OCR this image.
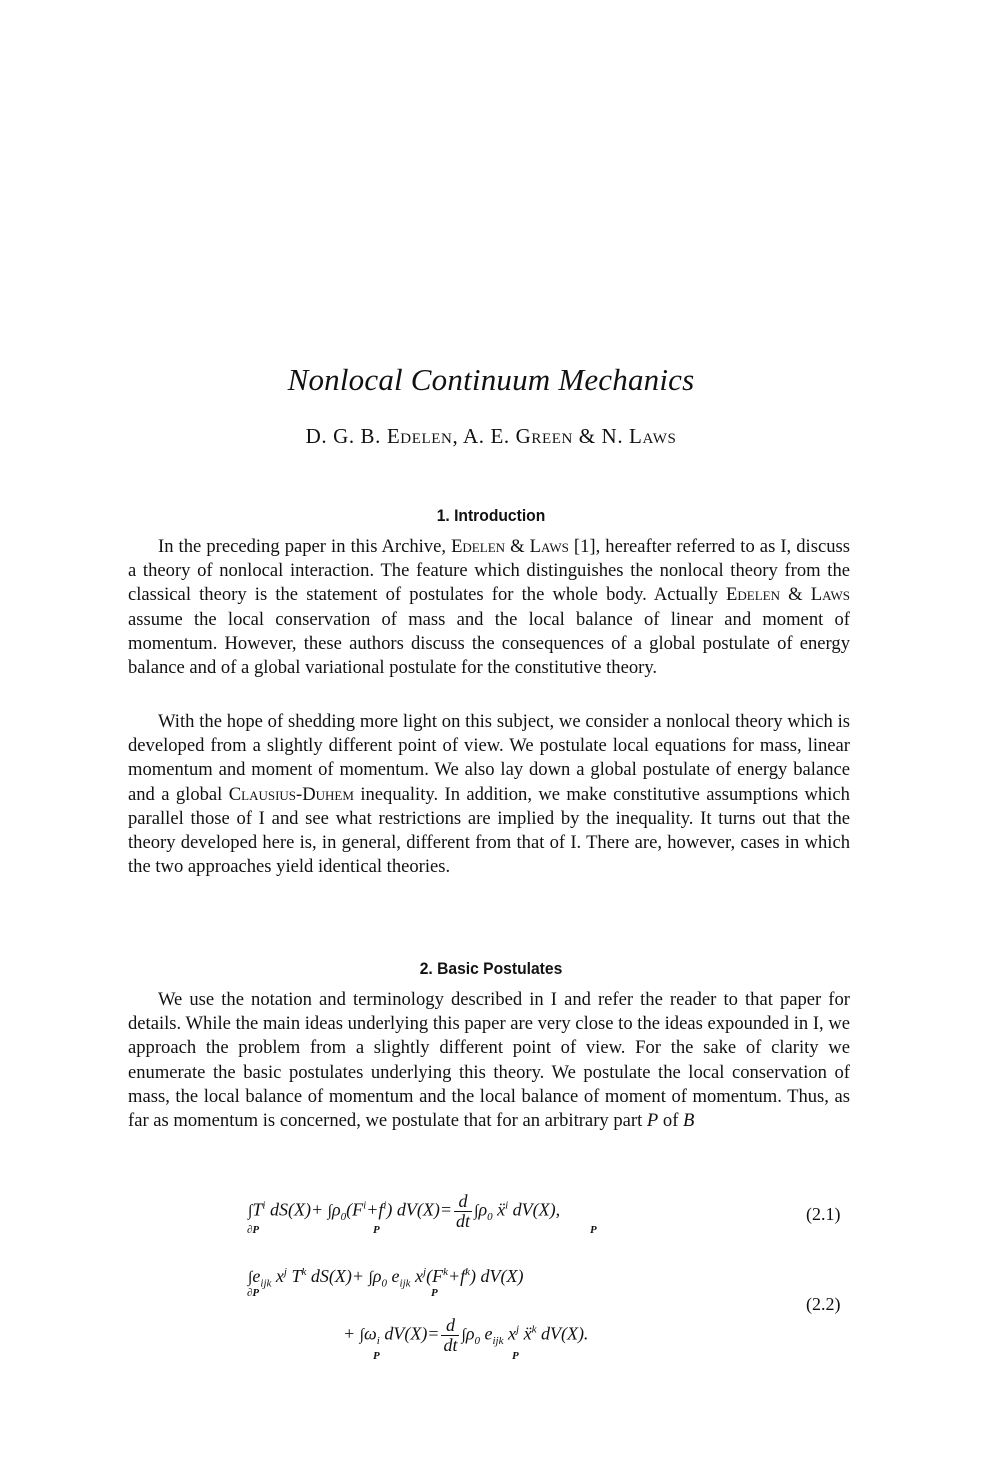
Nonlocal Continuum Mechanics
D. G. B. Edelen, A. E. Green & N. Laws
1. Introduction

In the preceding paper in this Archive, Edelen & Laws [1], hereafter referred to as I, discuss a theory of nonlocal interaction. The feature which distinguishes the nonlocal theory from the classical theory is the statement of postulates for the whole body. Actually Edelen & Laws assume the local conservation of mass and the local balance of linear and moment of momentum. However, these authors discuss the consequences of a global postulate of energy balance and of a global variational postulate for the constitutive theory.

With the hope of shedding more light on this subject, we consider a nonlocal theory which is developed from a slightly different point of view. We postulate local equations for mass, linear momentum and moment of momentum. We also lay down a global postulate of energy balance and a global Clausius-Duhem inequality. In addition, we make constitutive assumptions which parallel those of I and see what restrictions are implied by the inequality. It turns out that the theory developed here is, in general, different from that of I. There are, however, cases in which the two approaches yield identical theories.

2. Basic Postulates

We use the notation and terminology described in I and refer the reader to that paper for details. While the main ideas underlying this paper are very close to the ideas expounded in I, we approach the problem from a slightly different point of view. For the sake of clarity we enumerate the basic postulates underlying this theory. We postulate the local conservation of mass, the local balance of momentum and the local balance of moment of momentum. Thus, as far as momentum is concerned, we postulate that for an arbitrary part P of B

$\int T^i$ $dS(X)+ \int\rho_0(F^i+f^i)$ $dV(X)= \frac{d}{dt} \int\rho_0$ ẍ$^i$ dV(X),
∂P	P	P
(2.1)
$\int e_{ijk}$ $x^j$ $T^k$ $dS(X)+ \int\rho_0$ $e_{ijk}$ $x^j(F^k+f^k)$ dV(X)
∂P	P
(2.2)
+ $\int\omega_i$ $dV(X)= \frac{d}{dt} \int\rho_0$ $e_{ijk}$ $x^j$ ẍ$^k$ dV(X).
P	P
